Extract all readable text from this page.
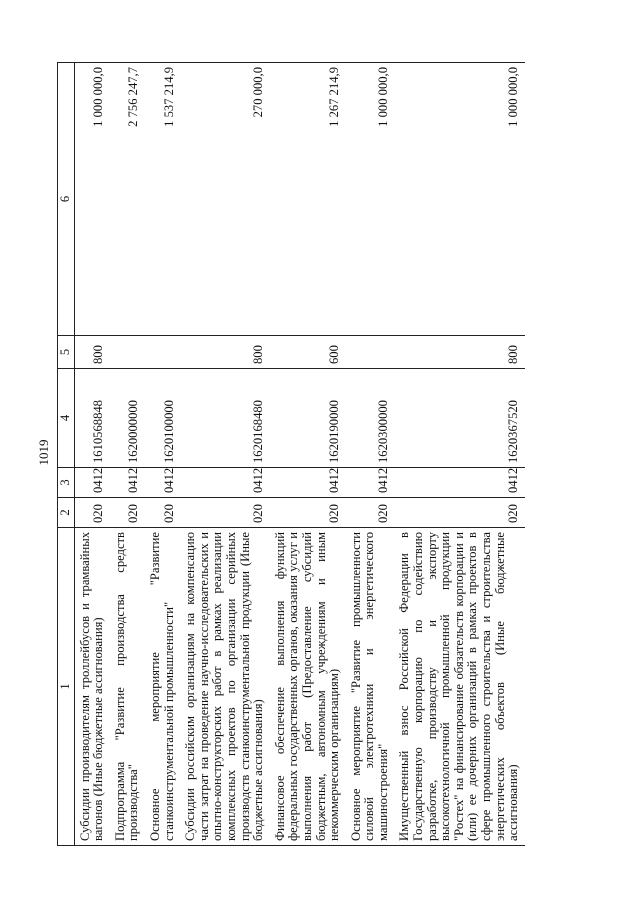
1019
1	2	3	4	5	6
Субсидии производителям троллейбусов и трамвайных вагонов (Иные бюджетные ассигнования)	020	0412	1610568848	800	1 000 000,0
Подпрограмма "Развитие производства средств производства"	020	0412	1620000000		2 756 247,7
Основное мероприятие "Развитие станкоинструментальной промышленности"	020	0412	1620100000		1 537 214,9
Субсидии российским организациям на компенсацию части затрат на проведение научно-исследовательских и опытно-конструкторских работ в рамках реализации комплексных проектов по организации серийных производств станкоинструментальной продукции (Иные бюджетные ассигнования)	020	0412	1620168480	800	270 000,0
Финансовое обеспечение выполнения функций федеральных государственных органов, оказания услуг и выполнения работ (Предоставление субсидий бюджетным, автономным учреждениям и иным некоммерческим организациям)	020	0412	1620190000	600	1 267 214,9
Основное мероприятие "Развитие промышленности силовой электротехники и энергетического машиностроения"	020	0412	1620300000		1 000 000,0
Имущественный взнос Российской Федерации в Государственную корпорацию по содействию разработке, производству и экспорту высокотехнологичной промышленной продукции "Ростех" на финансирование обязательств корпорации и (или) ее дочерних организаций в рамках проектов в сфере промышленного строительства и строительства энергетических объектов (Иные бюджетные ассигнования)	020	0412	1620367520	800	1 000 000,0
